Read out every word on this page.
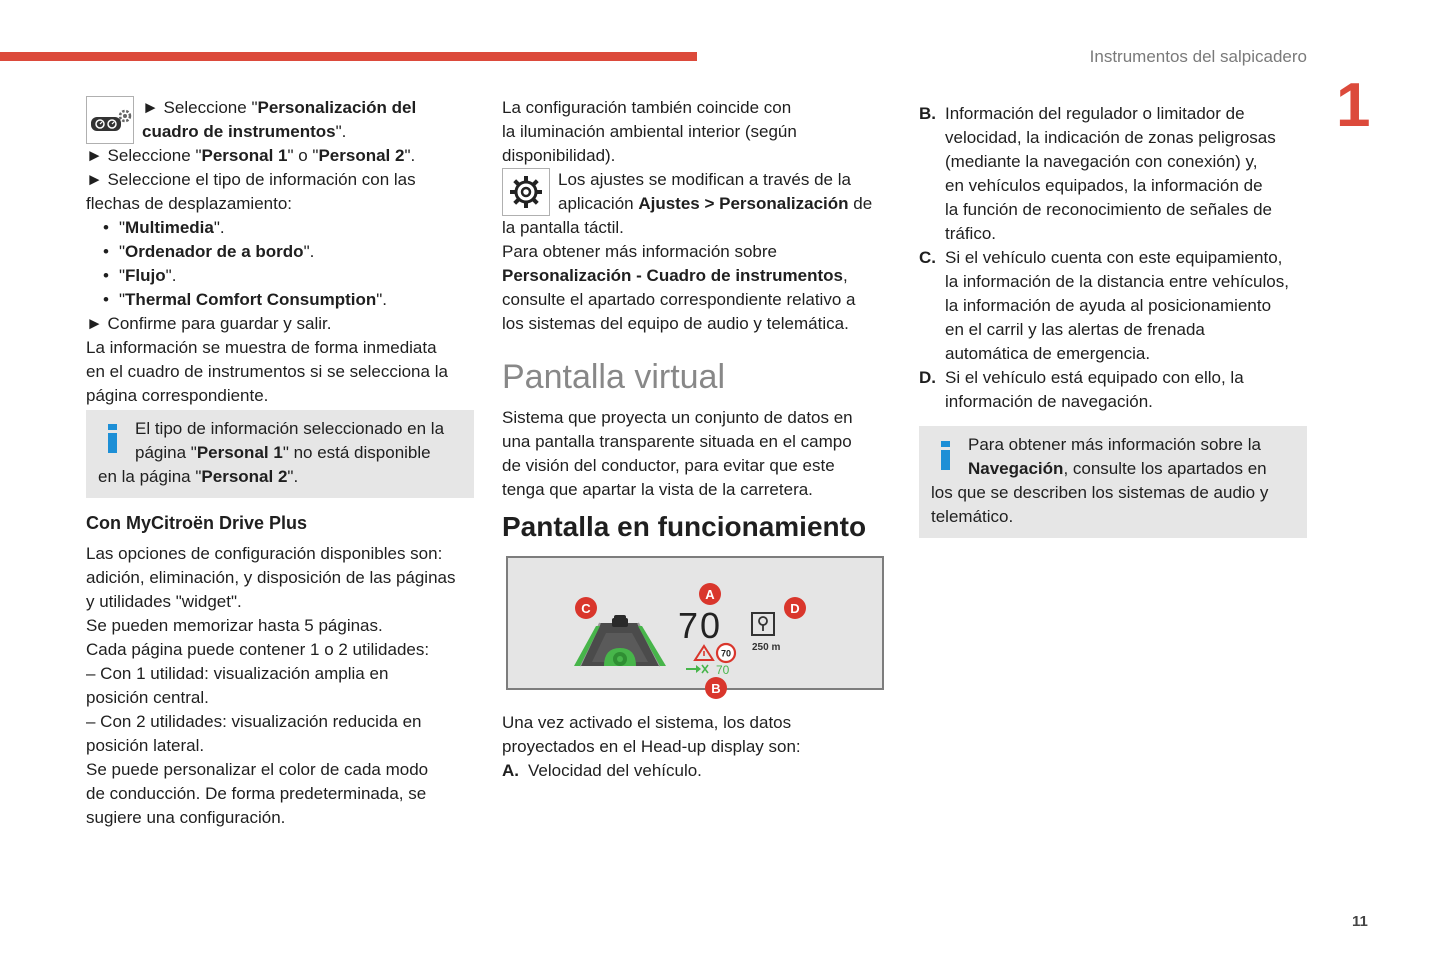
Instrumentos del salpicadero
1
► Seleccione "Personalización del
cuadro de instrumentos".
► Seleccione "Personal 1" o "Personal 2".
► Seleccione el tipo de información con las
flechas de desplazamiento:
• "Multimedia".
• "Ordenador de a bordo".
• "Flujo".
• "Thermal Comfort Consumption".
► Confirme para guardar y salir.
La información se muestra de forma inmediata
en el cuadro de instrumentos si se selecciona la
página correspondiente.
El tipo de información seleccionado en la
página "Personal 1" no está disponible
en la página "Personal 2".
Con MyCitroën Drive Plus
Las opciones de configuración disponibles son:
adición, eliminación, y disposición de las páginas
y utilidades "widget".
Se pueden memorizar hasta 5 páginas.
Cada página puede contener 1 o 2 utilidades:
– Con 1 utilidad: visualización amplia en
posición central.
– Con 2 utilidades: visualización reducida en
posición lateral.
Se puede personalizar el color de cada modo
de conducción. De forma predeterminada, se
sugiere una configuración.
La configuración también coincide con
la iluminación ambiental interior (según
disponibilidad).
Los ajustes se modifican a través de la
aplicación Ajustes > Personalización de
la pantalla táctil.
Para obtener más información sobre
Personalización - Cuadro de instrumentos,
consulte el apartado correspondiente relativo a
los sistemas del equipo de audio y telemática.
Pantalla virtual
Sistema que proyecta un conjunto de datos en
una pantalla transparente situada en el campo
de visión del conductor, para evitar que este
tenga que apartar la vista de la carretera.
Pantalla en funcionamiento
70
250 m
70
70
A
B
C	D
Una vez activado el sistema, los datos
proyectados en el Head-up display son:
A. Velocidad del vehículo.
B. Información del regulador o limitador de
velocidad, la indicación de zonas peligrosas
(mediante la navegación con conexión) y,
en vehículos equipados, la información de
la función de reconocimiento de señales de
tráfico.
C. Si el vehículo cuenta con este equipamiento,
la información de la distancia entre vehículos,
la información de ayuda al posicionamiento
en el carril y las alertas de frenada
automática de emergencia.
D. Si el vehículo está equipado con ello, la
información de navegación.
Para obtener más información sobre la
Navegación, consulte los apartados en
los que se describen los sistemas de audio y
telemático.
11
